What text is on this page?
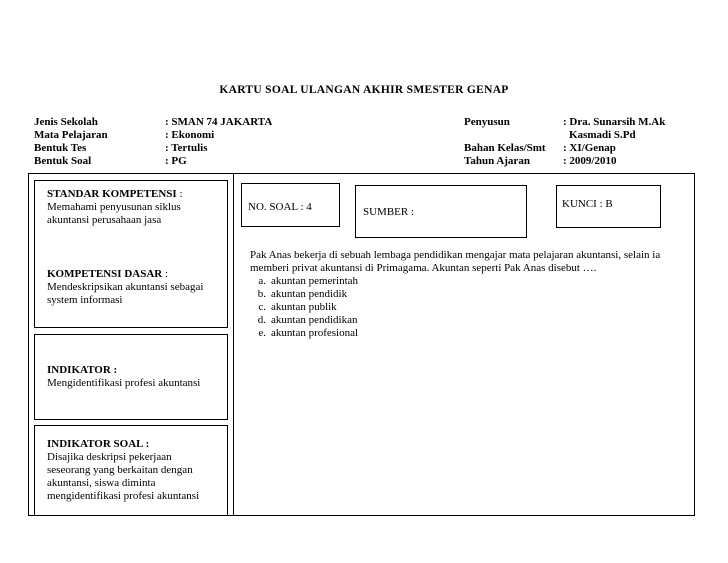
KARTU SOAL ULANGAN AKHIR SMESTER GENAP
Jenis Sekolah
Mata Pelajaran
Bentuk Tes
Bentuk Soal
: SMAN 74 JAKARTA
: Ekonomi
: Tertulis
: PG
Penyusun

Bahan Kelas/Smt
Tahun Ajaran
: Dra. Sunarsih M.Ak
Kasmadi S.Pd
: XI/Genap
: 2009/2010
STANDAR KOMPETENSI :
Memahami penyusunan siklus akuntansi perusahaan jasa
KOMPETENSI DASAR :
Mendeskripsikan akuntansi sebagai system informasi
INDIKATOR :
Mengidentifikasi profesi akuntansi
INDIKATOR SOAL :
Disajika deskripsi pekerjaan seseorang yang berkaitan dengan akuntansi, siswa diminta mengidentifikasi profesi akuntansi
NO. SOAL : 4	SUMBER :
KUNCI : B
Pak Anas bekerja di sebuah lembaga pendidikan mengajar mata pelajaran akuntansi, selain ia memberi privat akuntansi di Primagama. Akuntan seperti Pak Anas disebut ….
a. akuntan pemerintah
b. akuntan pendidik
c. akuntan publik
d. akuntan pendidikan
e. akuntan profesional
